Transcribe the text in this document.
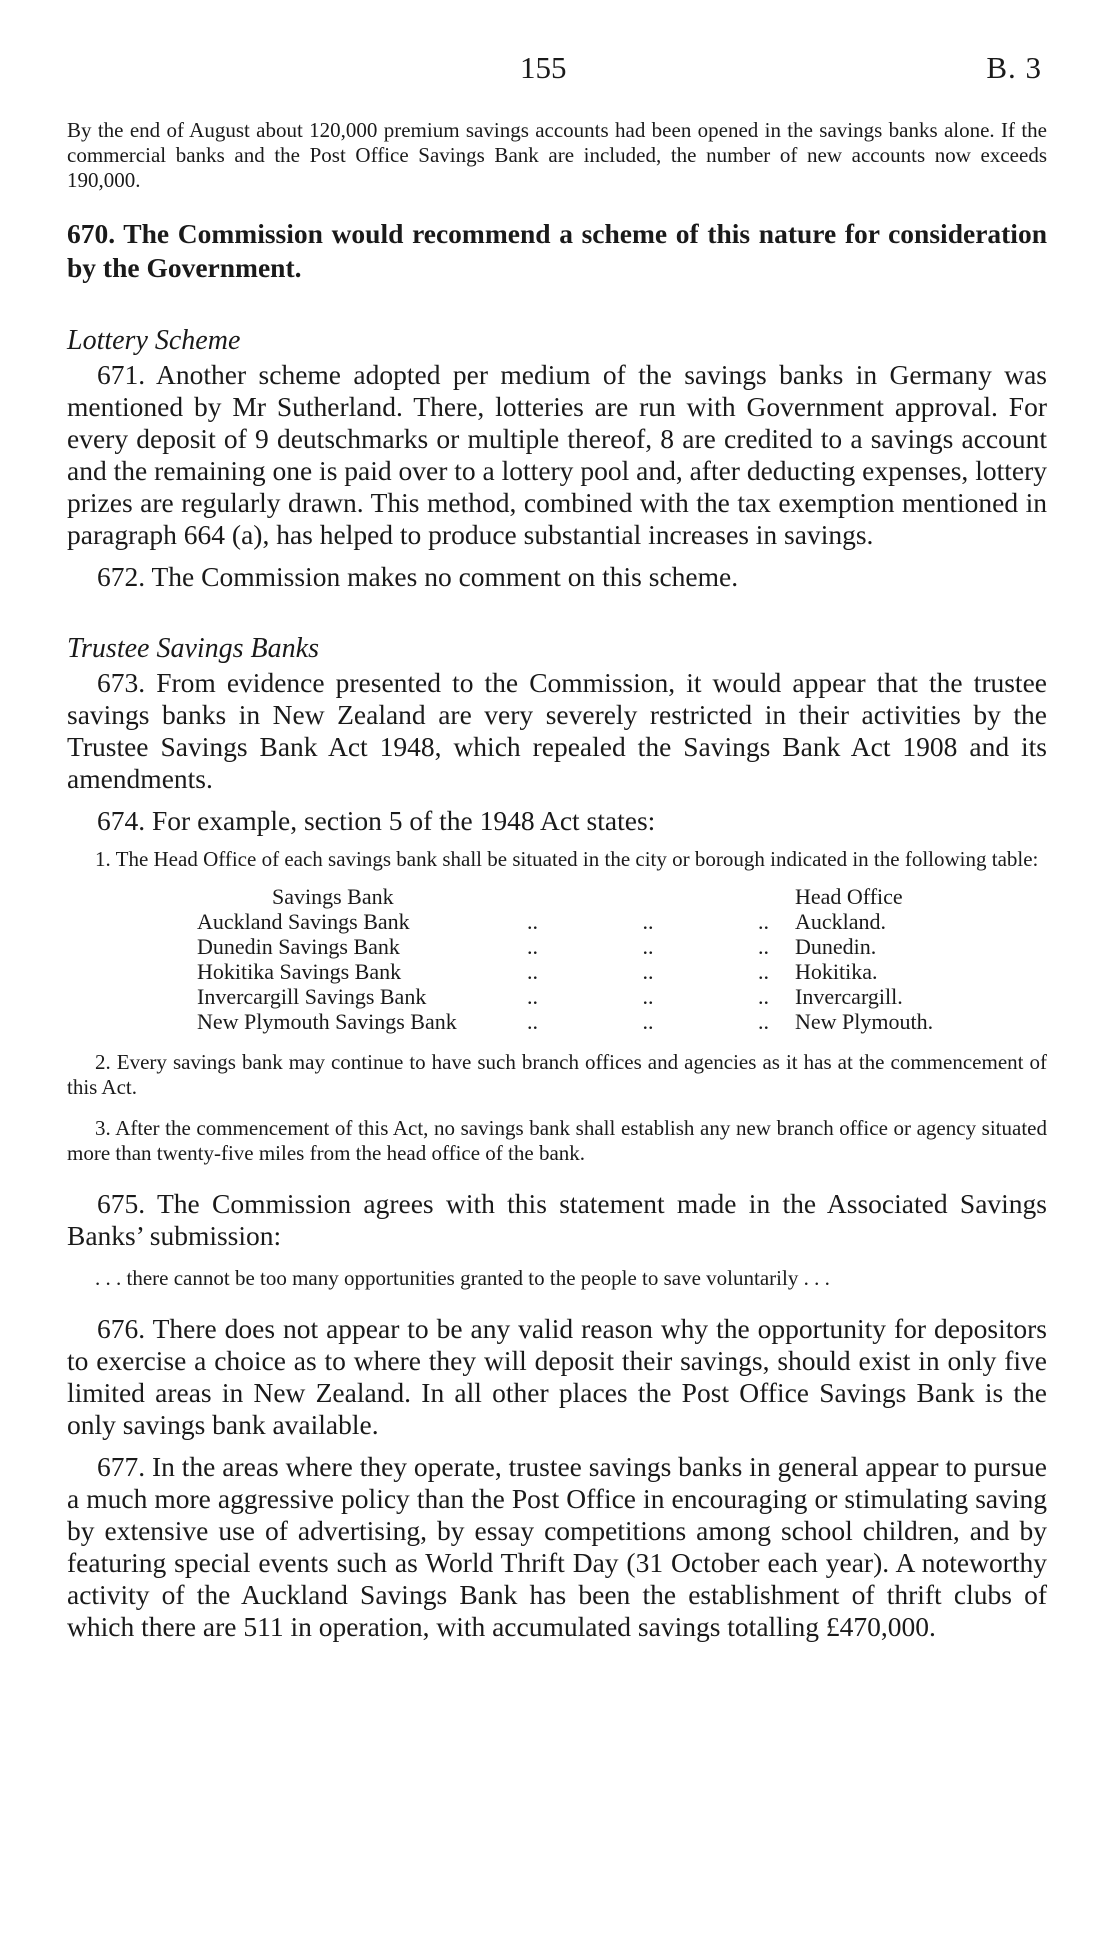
155	B. 3

By the end of August about 120,000 premium savings accounts had been opened in the savings banks alone. If the commercial banks and the Post Office Savings Bank are included, the number of new accounts now exceeds 190,000.

670. The Commission would recommend a scheme of this nature for consideration by the Government.

Lottery Scheme

671. Another scheme adopted per medium of the savings banks in Germany was mentioned by Mr Sutherland. There, lotteries are run with Government approval. For every deposit of 9 deutschmarks or multiple thereof, 8 are credited to a savings account and the remaining one is paid over to a lottery pool and, after deducting expenses, lottery prizes are regularly drawn. This method, combined with the tax exemption mentioned in paragraph 664 (a), has helped to produce substantial increases in savings.

672. The Commission makes no comment on this scheme.

Trustee Savings Banks

673. From evidence presented to the Commission, it would appear that the trustee savings banks in New Zealand are very severely restricted in their activities by the Trustee Savings Bank Act 1948, which repealed the Savings Bank Act 1908 and its amendments.

674. For example, section 5 of the 1948 Act states:

1. The Head Office of each savings bank shall be situated in the city or borough indicated in the following table:

Savings Bank	Head Office
Auckland Savings Bank	..	..	.. Auckland.
Dunedin Savings Bank	..	..	.. Dunedin.
Hokitika Savings Bank	..	..	.. Hokitika.
Invercargill Savings Bank	..	..	.. Invercargill.
New Plymouth Savings Bank	..	..	.. New Plymouth.

2. Every savings bank may continue to have such branch offices and agencies as it has at the commencement of this Act.

3. After the commencement of this Act, no savings bank shall establish any new branch office or agency situated more than twenty-five miles from the head office of the bank.

675. The Commission agrees with this statement made in the Associated Savings Banks’ submission:

. . . there cannot be too many opportunities granted to the people to save voluntarily . . .

676. There does not appear to be any valid reason why the opportunity for depositors to exercise a choice as to where they will deposit their savings, should exist in only five limited areas in New Zealand. In all other places the Post Office Savings Bank is the only savings bank available.

677. In the areas where they operate, trustee savings banks in general appear to pursue a much more aggressive policy than the Post Office in encouraging or stimulating saving by extensive use of advertising, by essay competitions among school children, and by featuring special events such as World Thrift Day (31 October each year). A noteworthy activity of the Auckland Savings Bank has been the establishment of thrift clubs of which there are 511 in operation, with accumulated savings totalling £470,000.
